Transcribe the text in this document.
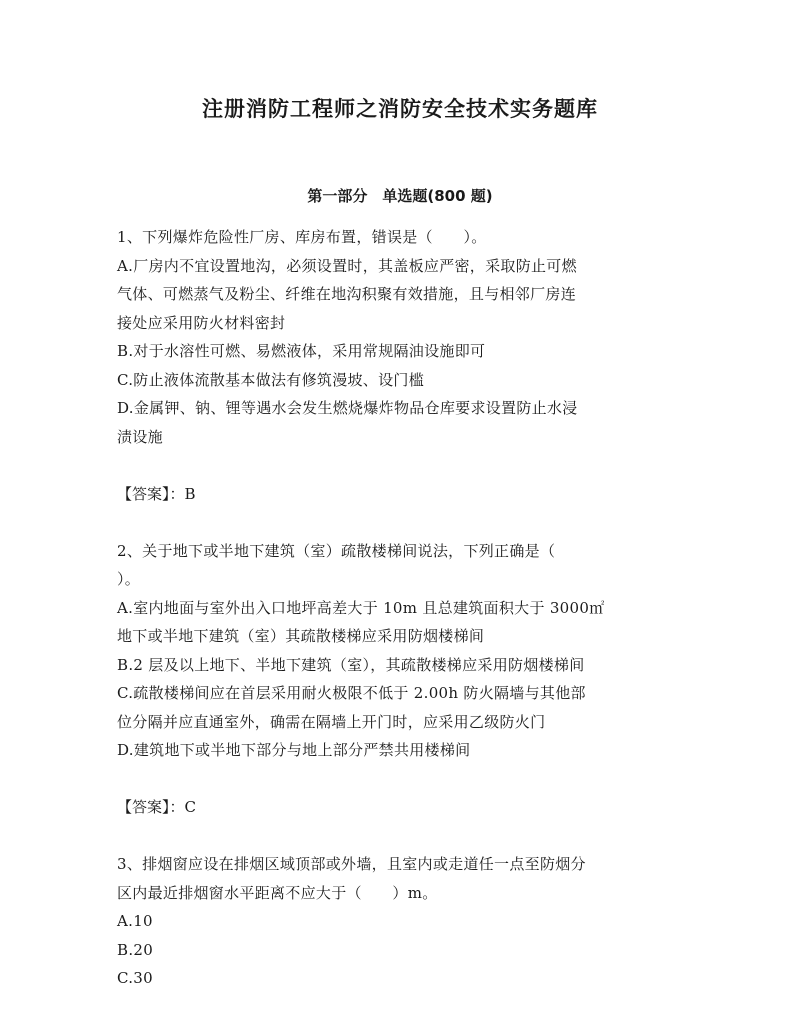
注册消防工程师之消防安全技术实务题库
第一部分　单选题(800 题)
1、下列爆炸危险性厂房、库房布置，错误是（　　）。
A.厂房内不宜设置地沟，必须设置时，其盖板应严密，采取防止可燃
气体、可燃蒸气及粉尘、纤维在地沟积聚有效措施，且与相邻厂房连
接处应采用防火材料密封
B.对于水溶性可燃、易燃液体，采用常规隔油设施即可
C.防止液体流散基本做法有修筑漫坡、设门槛
D.金属钾、钠、锂等遇水会发生燃烧爆炸物品仓库要求设置防止水浸
渍设施
【答案】：B
2、关于地下或半地下建筑（室）疏散楼梯间说法，下列正确是（
）。
A.室内地面与室外出入口地坪高差大于 10m 且总建筑面积大于 3000㎡
地下或半地下建筑（室）其疏散楼梯应采用防烟楼梯间
B.2 层及以上地下、半地下建筑（室），其疏散楼梯应采用防烟楼梯间
C.疏散楼梯间应在首层采用耐火极限不低于 2.00h 防火隔墙与其他部
位分隔并应直通室外，确需在隔墙上开门时，应采用乙级防火门
D.建筑地下或半地下部分与地上部分严禁共用楼梯间
【答案】：C
3、排烟窗应设在排烟区域顶部或外墙，且室内或走道任一点至防烟分
区内最近排烟窗水平距离不应大于（　　）m。
A.10
B.20
C.30
